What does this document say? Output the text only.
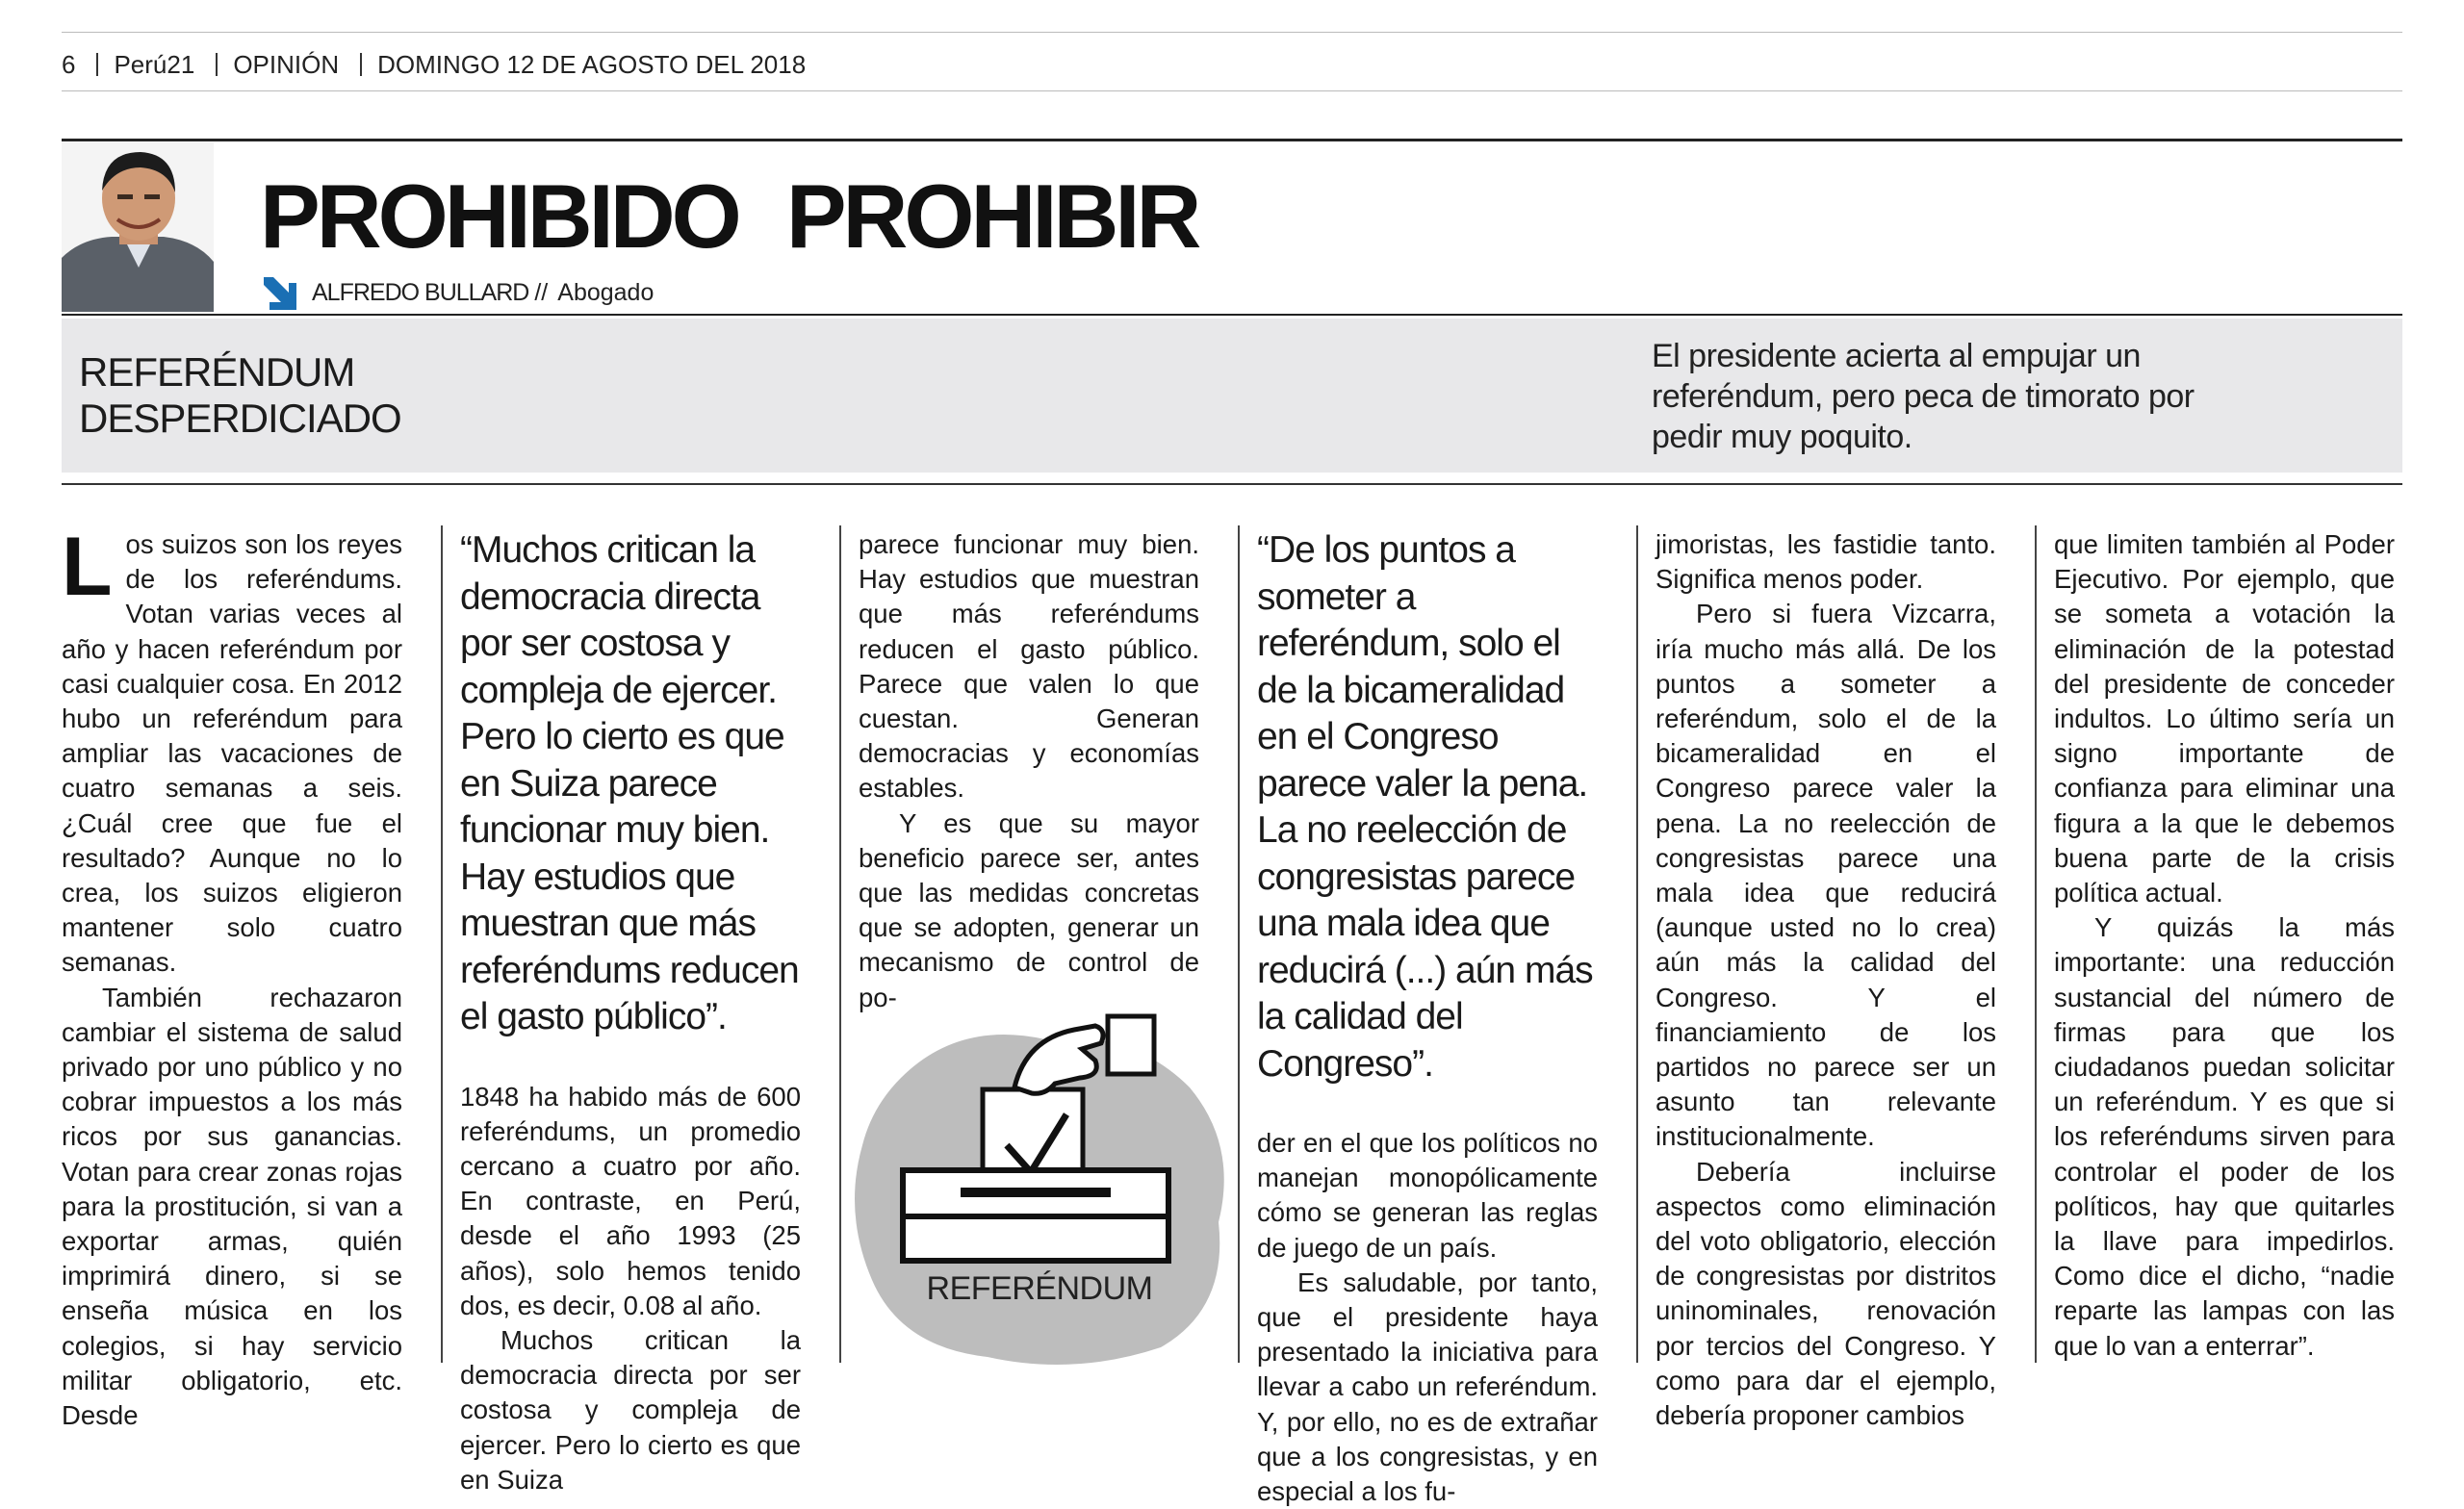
6 Perú21 OPINIÓN DOMINGO 12 DE AGOSTO DEL 2018
PROHIBIDO PROHIBIR
ALFREDO BULLARD // Abogado
REFERÉNDUM
DESPERDICIADO
El presidente acierta al empujar un referéndum, pero peca de timorato por pedir muy poquito.

Los suizos son los reyes de los referéndums. Votan varias veces al año y hacen referéndum por casi cualquier cosa. En 2012 hubo un referéndum para ampliar las vacaciones de cuatro semanas a seis. ¿Cuál cree que fue el resultado? Aunque no lo crea, los suizos eligieron mantener solo cuatro semanas.

También rechazaron cambiar el sistema de salud privado por uno público y no cobrar impuestos a los más ricos por sus ganancias. Votan para crear zonas rojas para la prostitución, si van a exportar armas, quién imprimirá dinero, si se enseña música en los colegios, si hay servicio militar obligatorio, etc. Desde

“Muchos critican la democracia directa por ser costosa y compleja de ejercer. Pero lo cierto es que en Suiza parece funcionar muy bien. Hay estudios que muestran que más referéndums reducen el gasto público”.

1848 ha habido más de 600 referéndums, un promedio cercano a cuatro por año. En contraste, en Perú, desde el año 1993 (25 años), solo hemos tenido dos, es decir, 0.08 al año.

Muchos critican la democracia directa por ser costosa y compleja de ejercer. Pero lo cierto es que en Suiza

parece funcionar muy bien. Hay estudios que muestran que más referéndums reducen el gasto público. Parece que valen lo que cuestan. Generan democracias y economías estables.

Y es que su mayor beneficio parece ser, antes que las medidas concretas que se adopten, generar un mecanismo de control de po-

REFERÉNDUM
“De los puntos a someter a referéndum, solo el de la bicameralidad en el Congreso parece valer la pena. La no reelección de congresistas parece una mala idea que reducirá (...) aún más la calidad del Congreso”.

der en el que los políticos no manejan monopólicamente cómo se generan las reglas de juego de un país.

Es saludable, por tanto, que el presidente haya presentado la iniciativa para llevar a cabo un referéndum. Y, por ello, no es de extrañar que a los congresistas, y en especial a los fu-

jimoristas, les fastidie tanto. Significa menos poder.

Pero si fuera Vizcarra, iría mucho más allá. De los puntos a someter a referéndum, solo el de la bicameralidad en el Congreso parece valer la pena. La no reelección de congresistas parece una mala idea que reducirá (aunque usted no lo crea) aún más la calidad del Congreso. Y el financiamiento de los partidos no parece ser un asunto tan relevante institucionalmente.

Debería incluirse aspectos como eliminación del voto obligatorio, elección de congresistas por distritos uninominales, renovación por tercios del Congreso. Y como para dar el ejemplo, debería proponer cambios

que limiten también al Poder Ejecutivo. Por ejemplo, que se someta a votación la eliminación de la potestad del presidente de conceder indultos. Lo último sería un signo importante de confianza para eliminar una figura a la que le debemos buena parte de la crisis política actual.

Y quizás la más importante: una reducción sustancial del número de firmas para que los ciudadanos puedan solicitar un referéndum. Y es que si los referéndums sirven para controlar el poder de los políticos, hay que quitarles la llave para impedirlos. Como dice el dicho, “nadie reparte las lampas con las que lo van a enterrar”.
